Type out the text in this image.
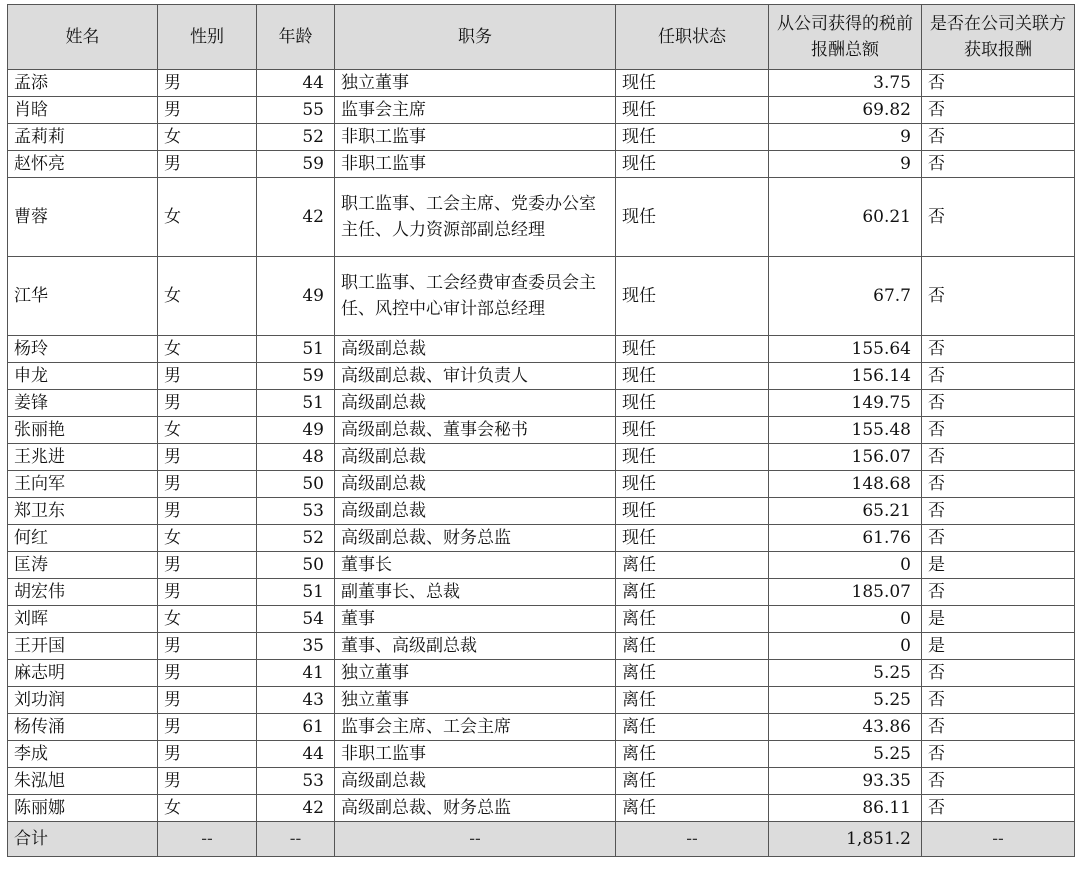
姓名	性别	年龄	职务	任职状态	从公司获得的税前报酬总额	是否在公司关联方获取报酬
孟添	男	44	独立董事	现任	3.75	否
肖晗	男	55	监事会主席	现任	69.82	否
孟莉莉	女	52	非职工监事	现任	9	否
赵怀亮	男	59	非职工监事	现任	9	否
曹蓉	女	42	职工监事、工会主席、党委办公室主任、人力资源部副总经理	现任	60.21	否
江华	女	49	职工监事、工会经费审查委员会主任、风控中心审计部总经理	现任	67.7	否
杨玲	女	51	高级副总裁	现任	155.64	否
申龙	男	59	高级副总裁、审计负责人	现任	156.14	否
姜锋	男	51	高级副总裁	现任	149.75	否
张丽艳	女	49	高级副总裁、董事会秘书	现任	155.48	否
王兆进	男	48	高级副总裁	现任	156.07	否
王向军	男	50	高级副总裁	现任	148.68	否
郑卫东	男	53	高级副总裁	现任	65.21	否
何红	女	52	高级副总裁、财务总监	现任	61.76	否
匡涛	男	50	董事长	离任	0	是
胡宏伟	男	51	副董事长、总裁	离任	185.07	否
刘晖	女	54	董事	离任	0	是
王开国	男	35	董事、高级副总裁	离任	0	是
麻志明	男	41	独立董事	离任	5.25	否
刘功润	男	43	独立董事	离任	5.25	否
杨传涌	男	61	监事会主席、工会主席	离任	43.86	否
李成	男	44	非职工监事	离任	5.25	否
朱泓旭	男	53	高级副总裁	离任	93.35	否
陈丽娜	女	42	高级副总裁、财务总监	离任	86.11	否
合计	--	--	--	--	1,851.2	--
